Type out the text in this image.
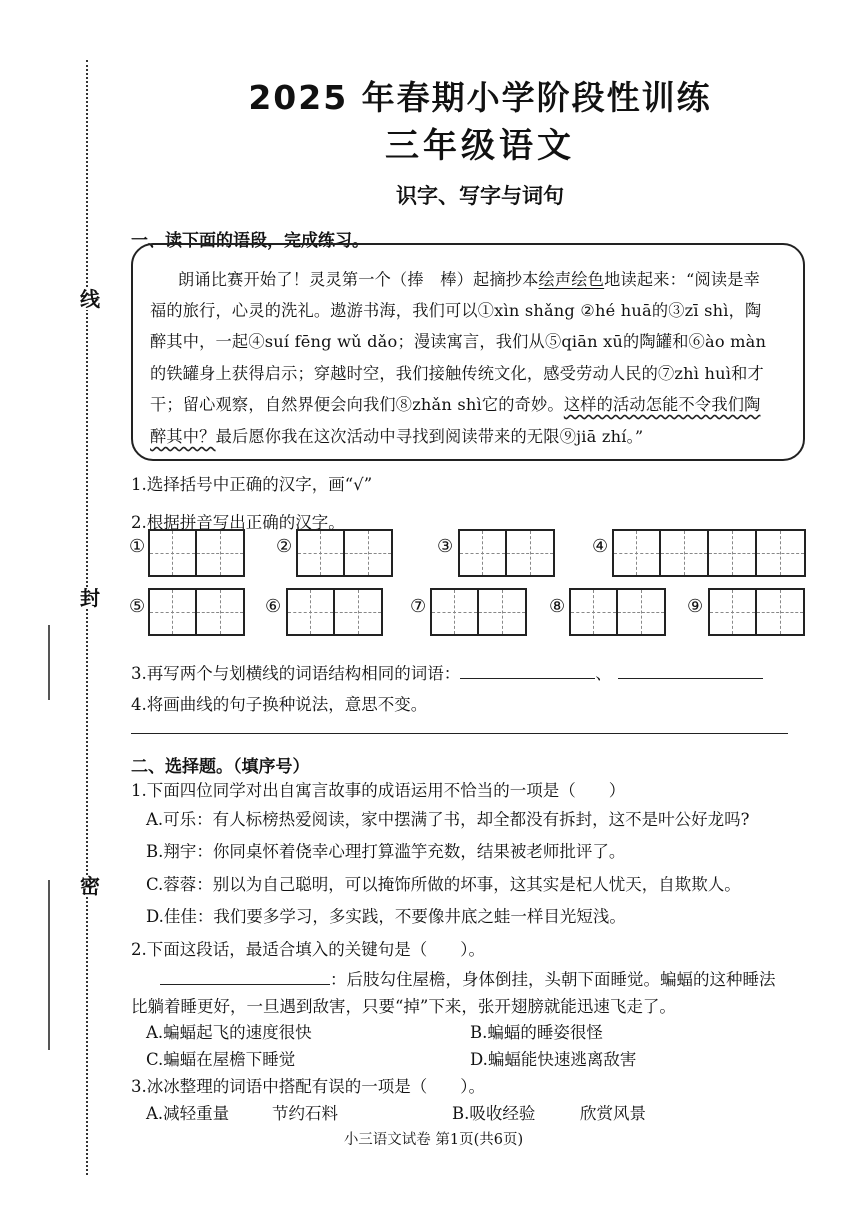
线
封
密
2025 年春期小学阶段性训练
三年级语文
识字、写字与词句
一、读下面的语段，完成练习。
朗诵比赛开始了！灵灵第一个（捧　棒）起摘抄本绘声绘色地读起来：“阅读是幸
福的旅行，心灵的洗礼。遨游书海，我们可以①xìn shǎng ②hé huā的③zī shì，陶
醉其中，一起④suí fēng wǔ dǎo；漫读寓言，我们从⑤qiān xū的陶罐和⑥ào màn
的铁罐身上获得启示；穿越时空，我们接触传统文化，感受劳动人民的⑦zhì huì和才
干；留心观察，自然界便会向我们⑧zhǎn shì它的奇妙。这样的活动怎能不令我们陶
醉其中？最后愿你我在这次活动中寻找到阅读带来的无限⑨jiā zhí。”
1.选择括号中正确的汉字，画“√”
2.根据拼音写出正确的汉字。
①	②	③	④
⑤	⑥	⑦	⑧	⑨
3.再写两个与划横线的词语结构相同的词语：	、
4.将画曲线的句子换种说法，意思不变。
二、选择题。（填序号）
1.下面四位同学对出自寓言故事的成语运用不恰当的一项是（　　）
A.可乐：有人标榜热爱阅读，家中摆满了书，却全都没有拆封，这不是叶公好龙吗?
B.翔宇：你同桌怀着侥幸心理打算滥竽充数，结果被老师批评了。
C.蓉蓉：别以为自己聪明，可以掩饰所做的坏事，这其实是杞人忧天，自欺欺人。
D.佳佳：我们要多学习，多实践，不要像井底之蛙一样目光短浅。
2.下面这段话，最适合填入的关键句是（　　）。
：后肢勾住屋檐，身体倒挂，头朝下面睡觉。蝙蝠的这种睡法
比躺着睡更好，一旦遇到敌害，只要“掉”下来，张开翅膀就能迅速飞走了。
A.蝙蝠起飞的速度很快	B.蝙蝠的睡姿很怪
C.蝙蝠在屋檐下睡觉	D.蝙蝠能快速逃离敌害
3.冰冰整理的词语中搭配有误的一项是（　　）。
A.减轻重量	节约石料	B.吸收经验	欣赏风景
小三语文试卷 第1页(共6页)
